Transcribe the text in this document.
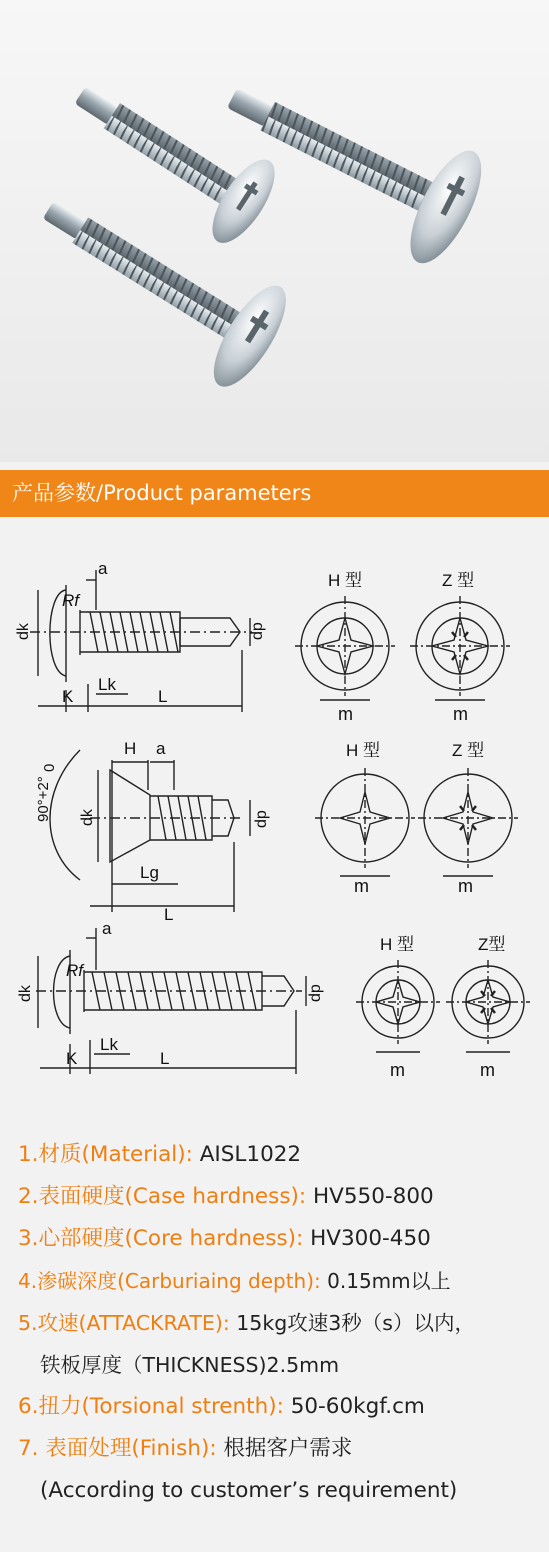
产品参数/Product parameters
a
Rf
dk	dp
K
Lk
L
H 型	Z 型
m	m
H a
90°+2°
0
dk	dp
Lg
L
H 型	Z 型
m	m
a
Rf
dk	dp
K
Lk
L
H 型	Z型
m	m
1.材质(Material): AISL1022
2.表面硬度(Case hardness): HV550-800
3.心部硬度(Core hardness): HV300-450
4.渗碳深度(Carburiaing depth): 0.15mm以上
5.攻速(ATTACKRATE): 15kg攻速3秒（s）以内，
铁板厚度（THICKNESS)2.5mm
6.扭力(Torsional strenth): 50-60kgf.cm
7. 表面处理(Finish): 根据客户需求
(According to customer’s requirement)
